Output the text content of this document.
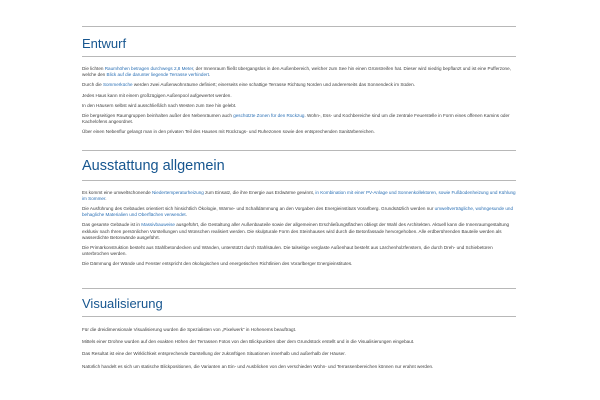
Entwurf

Die lichten Raumhöhen betragen durchwegs 2,8 Meter, der Innenraum fließt übergangslos in den Außenbereich, welcher zum See hin einen Grünstreifen hat. Dieser wird niedrig bepflanzt und ist eine Pufferzone, welche den Blick auf die darunter liegende Terrasse verhindert.

Durch die Sommerküche werden zwei Außenwohnräume definiert; einerseits eine schattige Terrasse Richtung Norden und andererseits das Sonnendeck im Süden.

Jedes Haus kann mit einem großzügigen Außenpool aufgewertet werden.

In den Häusern selbst wird ausschließlich nach Westen zum See hin gelebt.

Die bergseitigen Raumgruppen beinhalten außer den Nebenräumen auch geschützte Zonen für den Rückzug. Wohn-, Ess- und Kochbereiche sind um die zentrale Feuerstelle in Form eines offenen Kamins oder Kachelofens angeordnet.

Über einen Nebenflur gelangt man in den privaten Teil des Hauses mit Rückzugs- und Ruhezonen sowie den entsprechenden Sanitärbereichen.

Ausstattung allgemein

Es kommt eine umweltschonende Niedertemperaturheizung zum Einsatz, die ihre Energie aus Erdwärme gewinnt, in Kombination mit einer PV-Anlage und Sonnenkollektoren, sowie Fußbodenheizung und Kühlung im Sommer.

Die Ausführung des Gebäudes orientiert sich hinsichtlich Ökologie, Wärme- und Schalldämmung an den Vorgaben des Energieinstituts Vorarlberg. Grundsätzlich werden nur umweltverträgliche, wohngesunde und behagliche Materialien und Oberflächen verwendet.

Das gesamte Gebäude ist in Massivbauweise ausgeführt, die Gestaltung aller Außenbauteile sowie der allgemeinen Erschließungsflächen obliegt der Wahl des Architekten. Aktuell kann die Innenraumgestaltung exklusiv nach Ihren persönlichen Vorstellungen und Wünschen realisiert werden. Die skulpturale Form des Steinhauses wird durch die Betonfassade hervorgehoben. Alle erdberührenden Bauteile werden als wasserdichte Betonwände ausgeführt.

Die Primärkonstruktion besteht aus Stahlbetondecken und Wänden, unterstützt durch Stahlsäulen. Die talseitige verglaste Außenhaut besteht aus Lärchenholzfenstern, die durch Dreh- und Schiebetüren unterbrochen werden.

Die Dämmung der Wände und Fenster entspricht den ökologischen und energetischen Richtlinien des Vorarlberger Energieinstitutes.

Visualisierung

Für die dreidimensionale Visualisierung wurden die Spezialisten von „Pixelwerk“ in Hohenems beauftragt.

Mittels einer Drohne wurden auf den exakten Höhen der Terrassen Fotos von den Blickpunkten über dem Grundstück erstellt und in die Visualisierungen eingebaut.

Das Resultat ist eine der Wirklichkeit entsprechende Darstellung der zukünftigen Situationen innerhalb und außerhalb der Häuser.

Natürlich handelt es sich um statische Blickpositionen, die Varianten an Ein- und Ausblicken von den verschieden Wohn- und Terrassenbereichen können nur erahnt werden.
